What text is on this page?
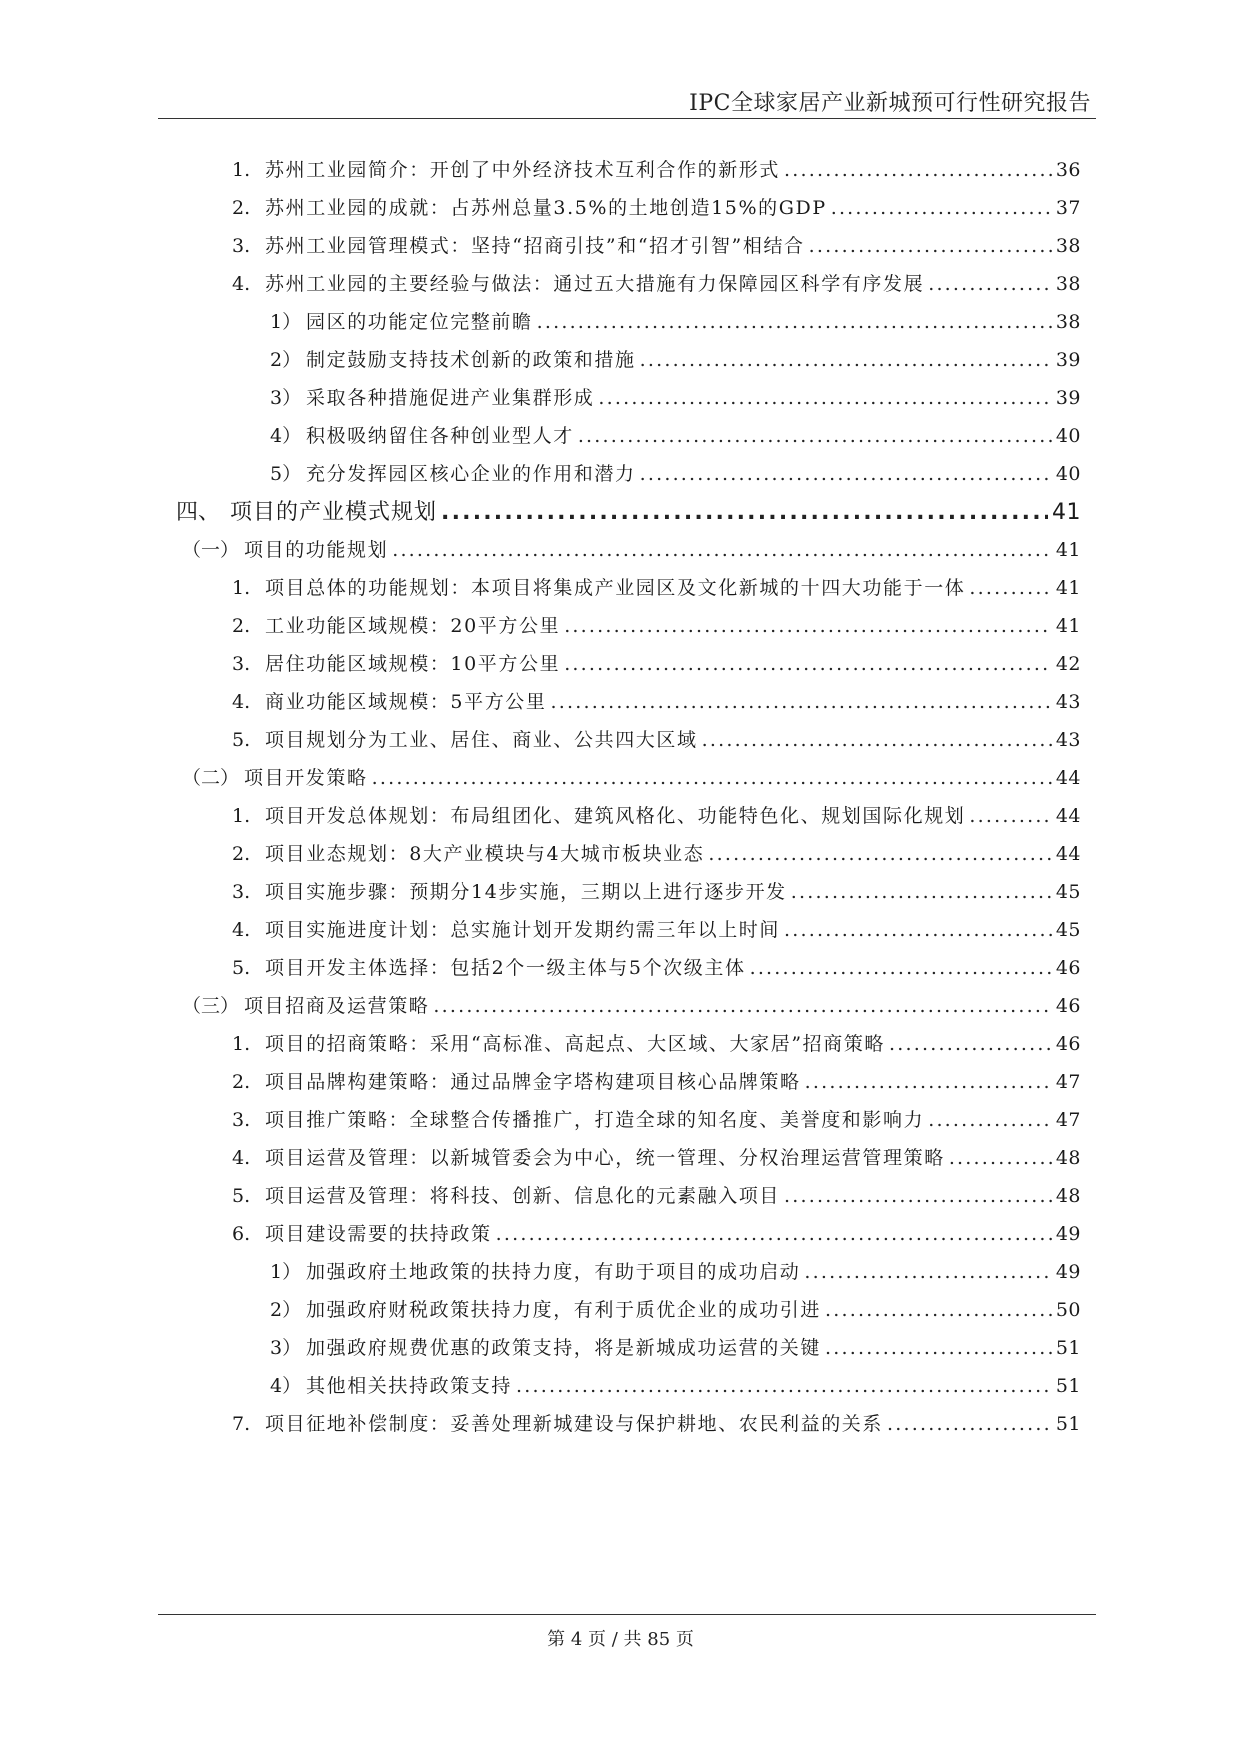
IPC全球家居产业新城预可行性研究报告
1. 苏州工业园简介：开创了中外经济技术互利合作的新形式 .....	36
2. 苏州工业园的成就：占苏州总量3.5%的土地创造15%的GDP .....	37
3. 苏州工业园管理模式：坚持“招商引技”和“招才引智”相结合 .....	38
4. 苏州工业园的主要经验与做法：通过五大措施有力保障园区科学有序发展 .....	38
1） 园区的功能定位完整前瞻 .....	38
2） 制定鼓励支持技术创新的政策和措施 .....	39
3） 采取各种措施促进产业集群形成 .....	39
4） 积极吸纳留住各种创业型人才 .....	40
5） 充分发挥园区核心企业的作用和潜力 .....	40
四、 项目的产业模式规划 .....	41
（一） 项目的功能规划 .....	41
1. 项目总体的功能规划：本项目将集成产业园区及文化新城的十四大功能于一体 .....	41
2. 工业功能区域规模：20平方公里 .....	41
3. 居住功能区域规模：10平方公里 .....	42
4. 商业功能区域规模：5平方公里 .....	43
5. 项目规划分为工业、居住、商业、公共四大区域 .....	43
（二） 项目开发策略 .....	44
1. 项目开发总体规划：布局组团化、建筑风格化、功能特色化、规划国际化规划 .....	44
2. 项目业态规划：8大产业模块与4大城市板块业态 .....	44
3. 项目实施步骤：预期分14步实施，三期以上进行逐步开发 .....	45
4. 项目实施进度计划：总实施计划开发期约需三年以上时间 .....	45
5. 项目开发主体选择：包括2个一级主体与5个次级主体 .....	46
（三） 项目招商及运营策略 .....	46
1. 项目的招商策略：采用“高标准、高起点、大区域、大家居”招商策略 .....	46
2. 项目品牌构建策略：通过品牌金字塔构建项目核心品牌策略 .....	47
3. 项目推广策略：全球整合传播推广，打造全球的知名度、美誉度和影响力 .....	47
4. 项目运营及管理：以新城管委会为中心，统一管理、分权治理运营管理策略 .....	48
5. 项目运营及管理：将科技、创新、信息化的元素融入项目 .....	48
6. 项目建设需要的扶持政策 .....	49
1） 加强政府土地政策的扶持力度，有助于项目的成功启动 .....	49
2） 加强政府财税政策扶持力度，有利于质优企业的成功引进 .....	50
3） 加强政府规费优惠的政策支持，将是新城成功运营的关键 .....	51
4） 其他相关扶持政策支持 .....	51
7. 项目征地补偿制度：妥善处理新城建设与保护耕地、农民利益的关系 .....	51
第 4 页 / 共 85 页
